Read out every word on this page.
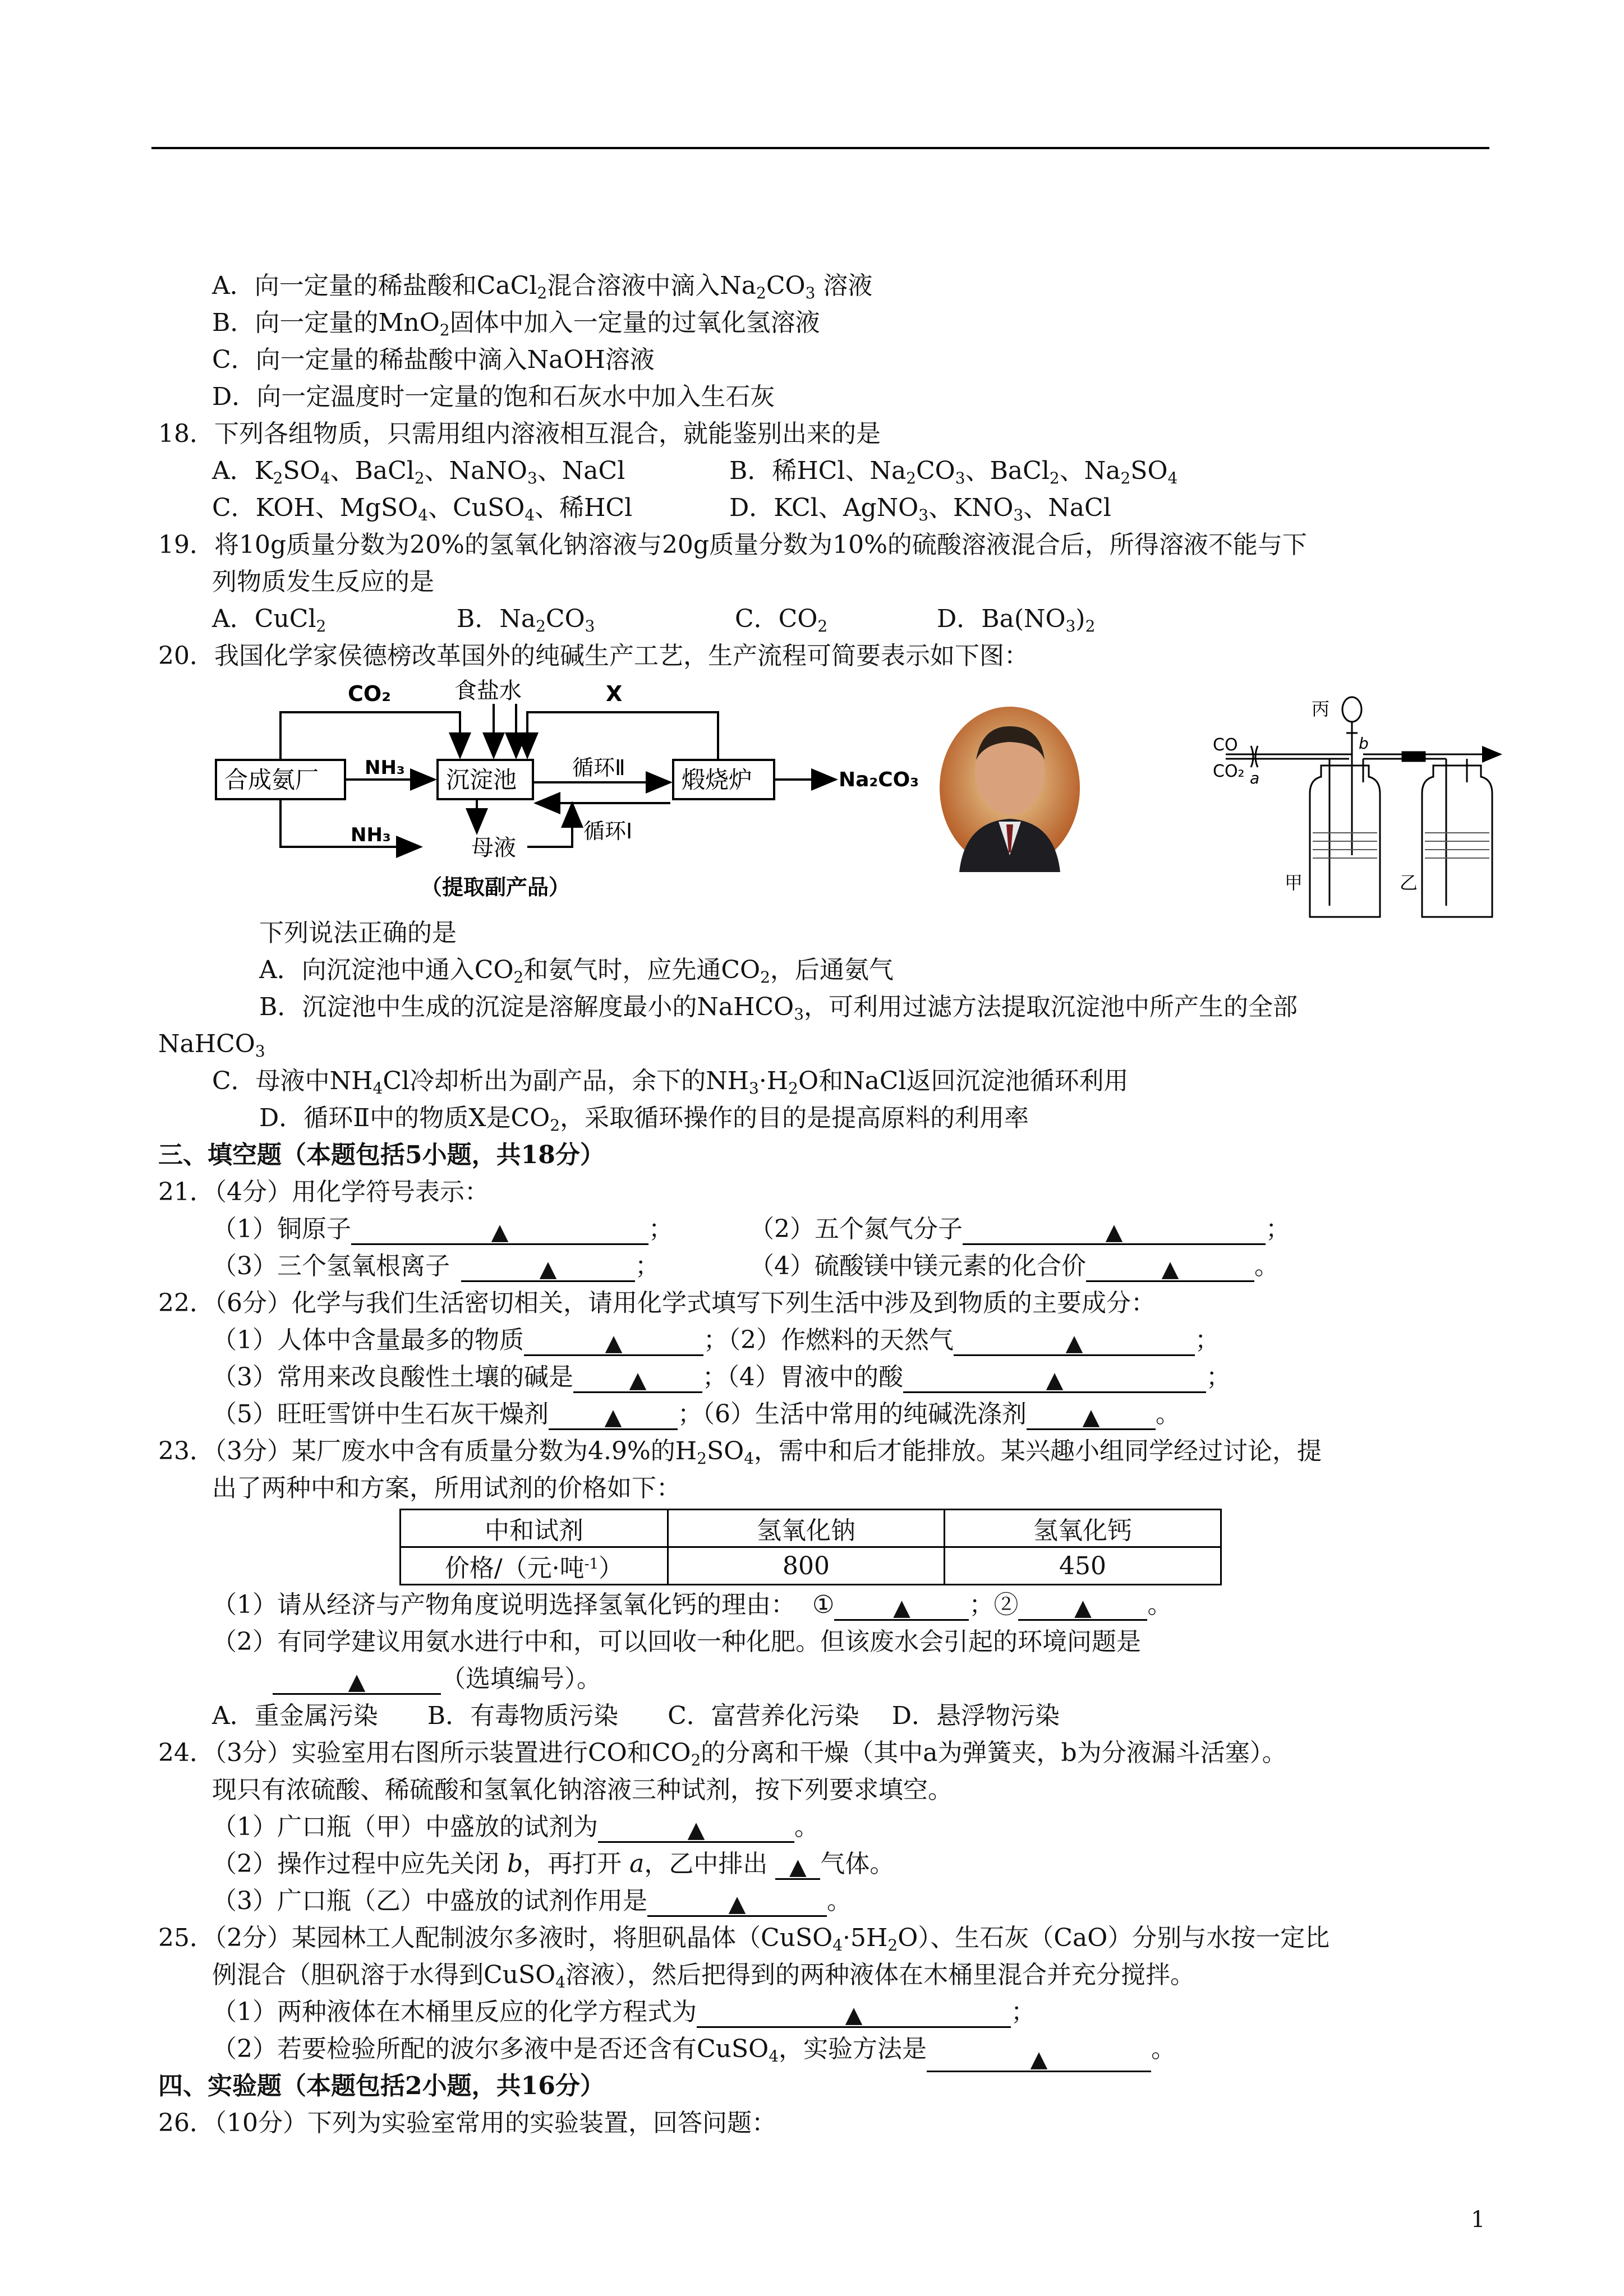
A．向一定量的稀盐酸和CaCl$_2$混合溶液中滴入$Na_2CO_3$ 溶液
B．向一定量的MnO$_2$固体中加入一定量的过氧化氢溶液
C．向一定量的稀盐酸中滴入NaOH溶液
D．向一定温度时一定量的饱和石灰水中加入生石灰
18．下列各组物质，只需用组内溶液相互混合，就能鉴别出来的是
A．$K_2SO_4$、BaCl$_2$、NaNO$_3$、NaCl	B．稀HCl、$Na_2CO_3$、BaCl$_2$、$Na_2SO_4$
C．KOH、MgSO$_4$、CuSO$_4$、稀HCl	D．KCl、AgNO$_3$、$KNO_3$、NaCl
19．将10g质量分数为20%的氢氧化钠溶液与20g质量分数为10%的硫酸溶液混合后，所得溶液不能与下
列物质发生反应的是
A．CuCl$_2$	B．$Na_2CO_3$	C．$CO_2$	D．$Ba(NO_3)_2$
20．我国化学家侯德榜改革国外的纯碱生产工艺，生产流程可简要表示如下图：
CO₂	食盐水	X
合成氨厂 NH₃ 沉淀池	循环Ⅱ 煅烧炉	Na₂CO₃
NH₃	母液
循环Ⅰ
（提取副产品）
CO
CO₂ a
b
丙
甲	乙
下列说法正确的是
A．向沉淀池中通入$CO_2$和氨气时，应先通$CO_2$，后通氨气
B．沉淀池中生成的沉淀是溶解度最小的NaHCO$_3$，可利用过滤方法提取沉淀池中所产生的全部
NaHCO$_3$
C．母液中$NH_4Cl$冷却析出为副产品，余下的$NH_3\cdot H_2O$和NaCl返回沉淀池循环利用
D．循环Ⅱ中的物质X是$CO_2$，采取循环操作的目的是提高原料的利用率
三、填空题（本题包括5小题，共18分）
21．（4分）用化学符号表示：
（1）铜原子	▲	；	（2）五个氮气分子	▲	；
（3）三个氢氧根离子	▲	；	（4）硫酸镁中镁元素的化合价	▲	。
22．（6分）化学与我们生活密切相关，请用化学式填写下列生活中涉及到物质的主要成分：
（1）人体中含量最多的物质	▲	；（2）作燃料的天然气	▲	；
（3）常用来改良酸性土壤的碱是 ▲ ；（4）胃液中的酸	▲	；
（5）旺旺雪饼中生石灰干燥剂 ▲ ；（6）生活中常用的纯碱洗涤剂 ▲ 。
23．（3分）某厂废水中含有质量分数为4.9%的$H_2SO_4$，需中和后才能排放。某兴趣小组同学经过讨论，提
出了两种中和方案，所用试剂的价格如下：
中和试剂	氢氧化钠	氢氧化钙
价格/（元·吨$^{-1}$）	800	450
（1）请从经济与产物角度说明选择氢氧化钙的理由： ①	▲ ；② ▲ 。
（2）有同学建议用氨水进行中和，可以回收一种化肥。但该废水会引起的环境问题是
▲	（选填编号）。
A．重金属污染　　B．有毒物质污染　　C．富营养化污染　 D．悬浮物污染
24．（3分）实验室用右图所示装置进行CO和$CO_2$的分离和干燥（其中a为弹簧夹，b为分液漏斗活塞）。
现只有浓硫酸、稀硫酸和氢氧化钠溶液三种试剂，按下列要求填空。
（1）广口瓶（甲）中盛放的试剂为	▲	。
（2）操作过程中应先关闭 b，再打开 a，乙中排出 ▲ 气体。
（3）广口瓶（乙）中盛放的试剂作用是	▲	。
25．（2分）某园林工人配制波尔多液时，将胆矾晶体$(CuSO_4\cdot 5H_2O)$、生石灰（CaO）分别与水按一定比
例混合（胆矾溶于水得到CuSO$_4$溶液），然后把得到的两种液体在木桶里混合并充分搅拌。
（1）两种液体在木桶里反应的化学方程式为	▲	；
（2）若要检验所配的波尔多液中是否还含有CuSO$_4$，实验方法是	▲	。
四、实验题（本题包括2小题，共16分）
26．（10分）下列为实验室常用的实验装置，回答问题：
1
